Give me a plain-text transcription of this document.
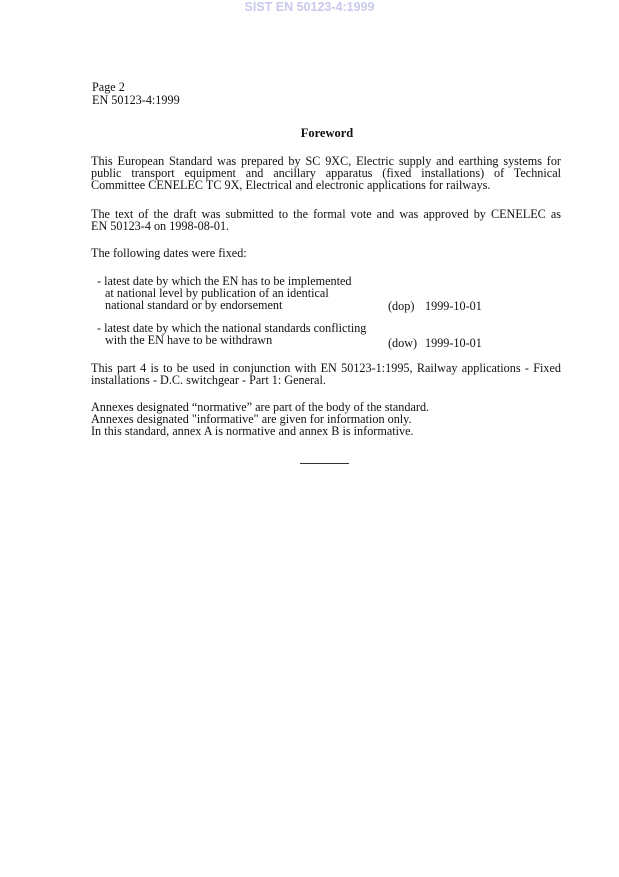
SIST EN 50123-4:1999
Page 2
EN 50123-4:1999
Foreword
This European Standard was prepared by SC 9XC, Electric supply and earthing systems for
public transport equipment and ancillary apparatus (fixed installations) of Technical
Committee CENELEC TC 9X, Electrical and electronic applications for railways.
The text of the draft was submitted to the formal vote and was approved by CENELEC as
EN 50123-4 on 1998-08-01.
The following dates were fixed:
- latest date by which the EN has to be implemented
at national level by publication of an identical
national standard or by endorsement	(dop) 1999-10-01
- latest date by which the national standards conflicting
with the EN have to be withdrawn	(dow) 1999-10-01
This part 4 is to be used in conjunction with EN 50123-1:1995, Railway applications - Fixed
installations - D.C. switchgear - Part 1: General.
Annexes designated “normative” are part of the body of the standard.
Annexes designated "informative" are given for information only.
In this standard, annex A is normative and annex B is informative.
